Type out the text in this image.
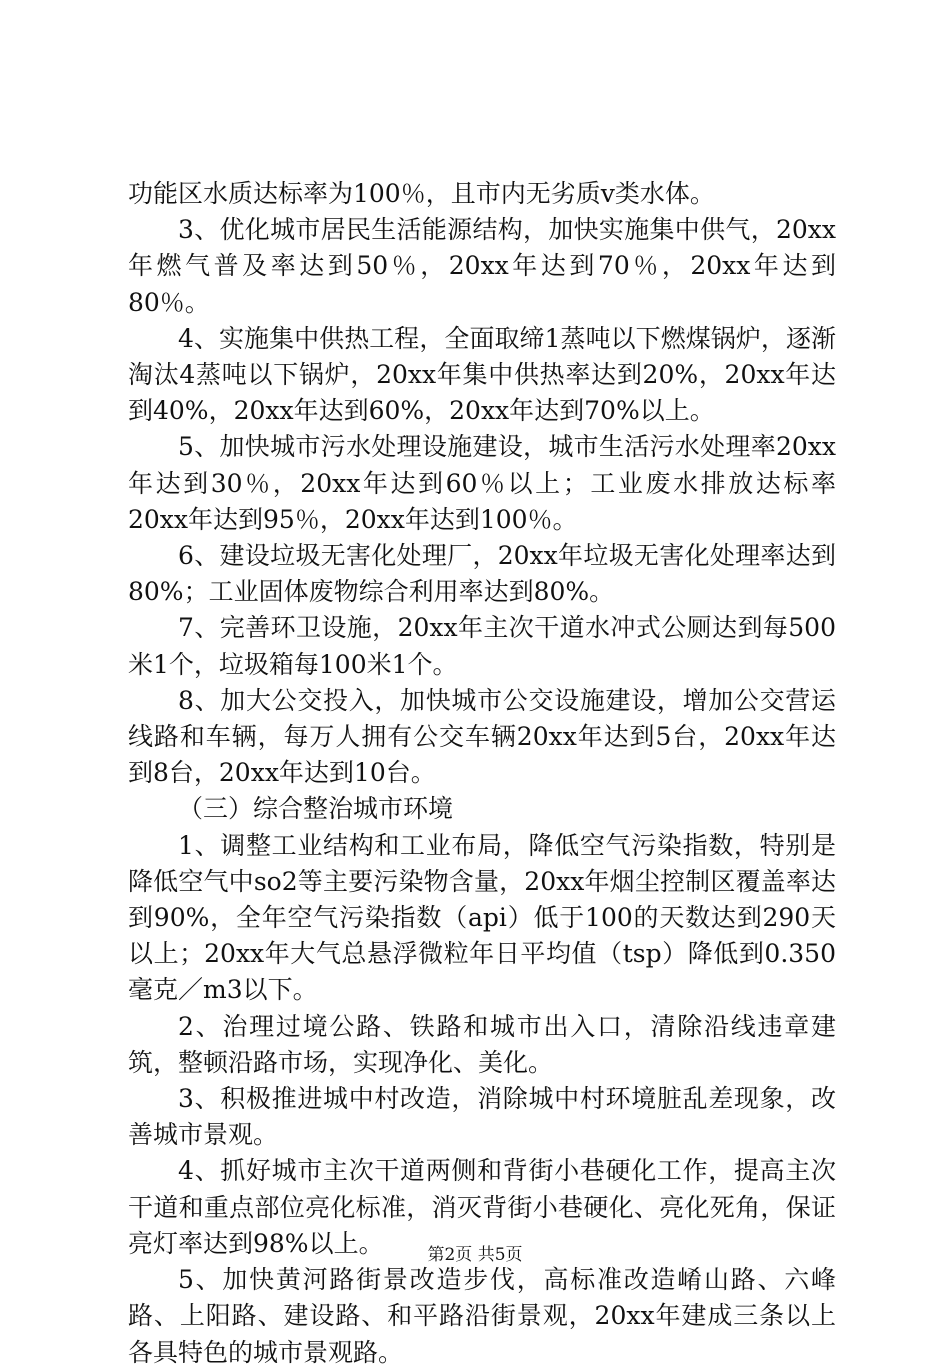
功能区水质达标率为100％，且市内无劣质v类水体。

3、优化城市居民生活能源结构，加快实施集中供气，20xx年燃气普及率达到50％，20xx年达到70％，20xx年达到80％。

4、实施集中供热工程，全面取缔1蒸吨以下燃煤锅炉，逐渐淘汰4蒸吨以下锅炉，20xx年集中供热率达到20%，20xx年达到40%，20xx年达到60%，20xx年达到70%以上。

5、加快城市污水处理设施建设，城市生活污水处理率20xx年达到30％，20xx年达到60％以上；工业废水排放达标率20xx年达到95％，20xx年达到100％。

6、建设垃圾无害化处理厂，20xx年垃圾无害化处理率达到80%；工业固体废物综合利用率达到80%。

7、完善环卫设施，20xx年主次干道水冲式公厕达到每500米1个，垃圾箱每100米1个。

8、加大公交投入，加快城市公交设施建设，增加公交营运线路和车辆，每万人拥有公交车辆20xx年达到5台，20xx年达到8台，20xx年达到10台。

（三）综合整治城市环境

1、调整工业结构和工业布局，降低空气污染指数，特别是降低空气中so2等主要污染物含量，20xx年烟尘控制区覆盖率达到90%，全年空气污染指数（api）低于100的天数达到290天以上；20xx年大气总悬浮微粒年日平均值（tsp）降低到0.350毫克／m3以下。

2、治理过境公路、铁路和城市出入口，清除沿线违章建筑，整顿沿路市场，实现净化、美化。

3、积极推进城中村改造，消除城中村环境脏乱差现象，改善城市景观。

4、抓好城市主次干道两侧和背街小巷硬化工作，提高主次干道和重点部位亮化标准，消灭背街小巷硬化、亮化死角，保证亮灯率达到98%以上。

5、加快黄河路街景改造步伐，高标准改造崤山路、六峰路、上阳路、建设路、和平路沿街景观，20xx年建成三条以上各具特色的城市景观路。

第2页 共5页
